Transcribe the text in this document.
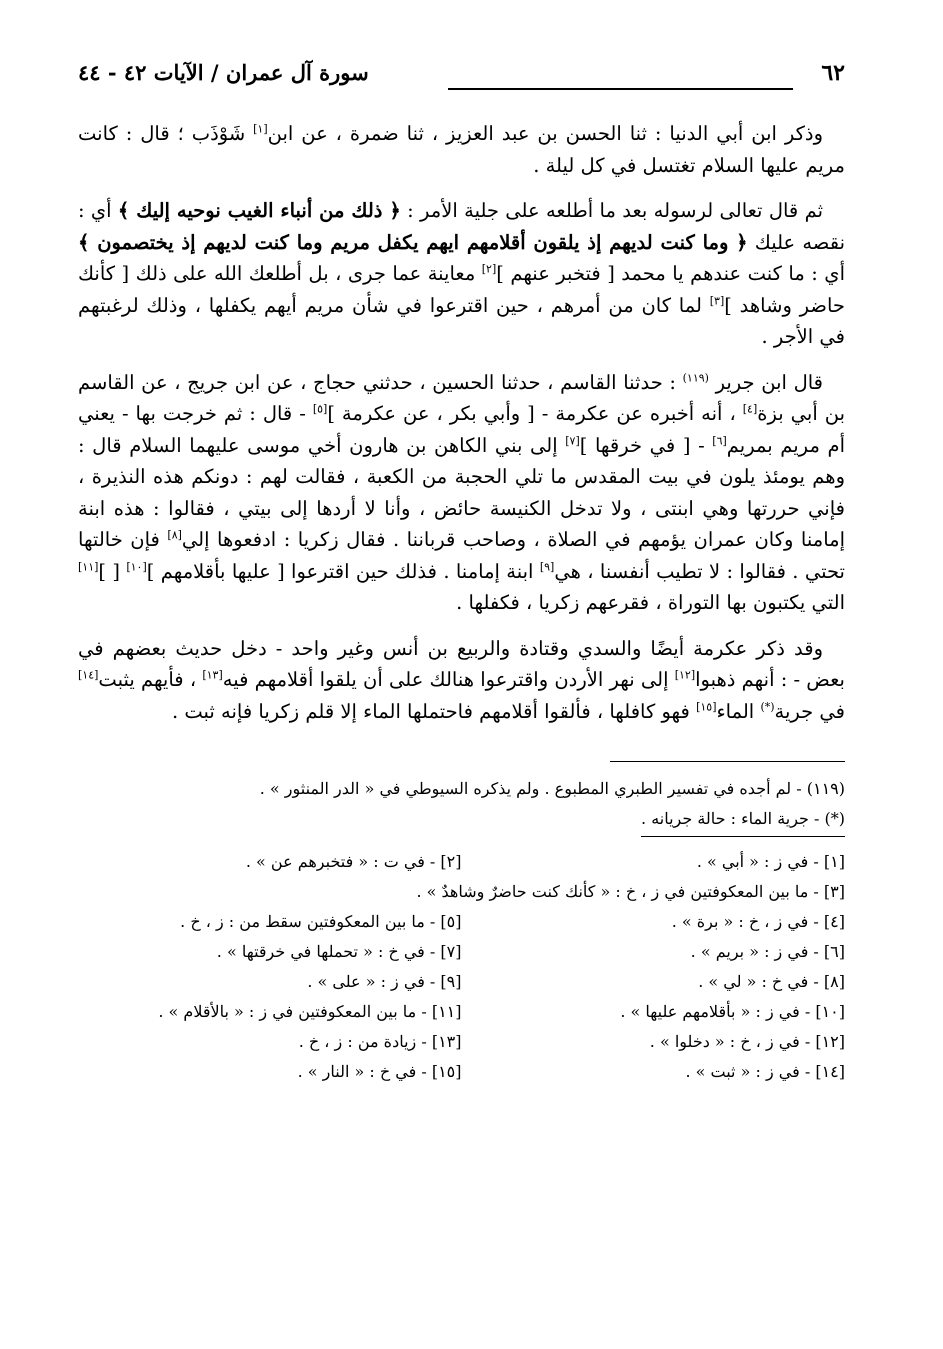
٦٢
سورة آل عمران / الآيات ٤٢ - ٤٤

وذكر ابن أبي الدنيا : ثنا الحسن بن عبد العزيز ، ثنا ضمرة ، عن ابن[١] شَوْذَب ؛ قال : كانت مريم عليها السلام تغتسل في كل ليلة .

ثم قال تعالى لرسوله بعد ما أطلعه على جلية الأمر : ﴿ ذلك من أنباء الغيب نوحيه إليك ﴾ أي : نقصه عليك ﴿ وما كنت لديهم إذ يلقون أقلامهم ايهم يكفل مريم وما كنت لديهم إذ يختصمون ﴾ أي : ما كنت عندهم يا محمد [ فتخبر عنهم ][٢] معاينة عما جرى ، بل أطلعك الله على ذلك [ كأنك حاضر وشاهد ][٣] لما كان من أمرهم ، حين اقترعوا في شأن مريم أيهم يكفلها ، وذلك لرغبتهم في الأجر .

قال ابن جرير $^{(١١٩)}$ : حدثنا القاسم ، حدثنا الحسين ، حدثني حجاج ، عن ابن جريج ، عن القاسم بن أبي بزة[٤] ، أنه أخبره عن عكرمة - [ وأبي بكر ، عن عكرمة ][٥] - قال : ثم خرجت بها - يعني أم مريم بمريم[٦] - [ في خرقها ][٧] إلى بني الكاهن بن هارون أخي موسى عليهما السلام قال : وهم يومئذ يلون في بيت المقدس ما تلي الحجبة من الكعبة ، فقالت لهم : دونكم هذه النذيرة ، فإني حررتها وهي ابنتى ، ولا تدخل الكنيسة حائض ، وأنا لا أردها إلى بيتي ، فقالوا : هذه ابنة إمامنا وكان عمران يؤمهم في الصلاة ، وصاحب قرباننا . فقال زكريا : ادفعوها إلي[٨] فإن خالتها تحتي . فقالوا : لا تطيب أنفسنا ، هي[٩] ابنة إمامنا . فذلك حين اقترعوا [ عليها بأقلامهم ][١٠] [ ][١١] التي يكتبون بها التوراة ، فقرعهم زكريا ، فكفلها .

وقد ذكر عكرمة أيضًا والسدي وقتادة والربيع بن أنس وغير واحد - دخل حديث بعضهم في بعض - : أنهم ذهبوا[١٢] إلى نهر الأردن واقترعوا هنالك على أن يلقوا أقلامهم فيه[١٣] ، فأيهم يثبت[١٤] في جرية(*) الماء[١٥] فهو كافلها ، فألقوا أقلامهم فاحتملها الماء إلا قلم زكريا فإنه ثبت .

(١١٩) - لم أجده في تفسير الطبري المطبوع . ولم يذكره السيوطي في « الدر المنثور » .

(*) - جرية الماء : حالة جريانه .

[١] - في ز : « أبي » .
[٢] - في ت : « فتخبرهم عن » .
[٣] - ما بين المعكوفتين في ز ، خ : « كأنك كنت حاضرٌ وشاهدٌ » .
[٤] - في ز ، خ : « برة » .
[٥] - ما بين المعكوفتين سقط من : ز ، خ .
[٦] - في ز : « بريم » .
[٧] - في خ : « تحملها في خرقتها » .
[٨] - في خ : « لي » .
[٩] - في ز : « على » .
[١٠] - في ز : « بأقلامهم عليها » .
[١١] - ما بين المعكوفتين في ز : « بالأقلام » .
[١٢] - في ز ، خ : « دخلوا » .
[١٣] - زيادة من : ز ، خ .
[١٤] - في ز : « ثبت » .
[١٥] - في خ : « النار » .
